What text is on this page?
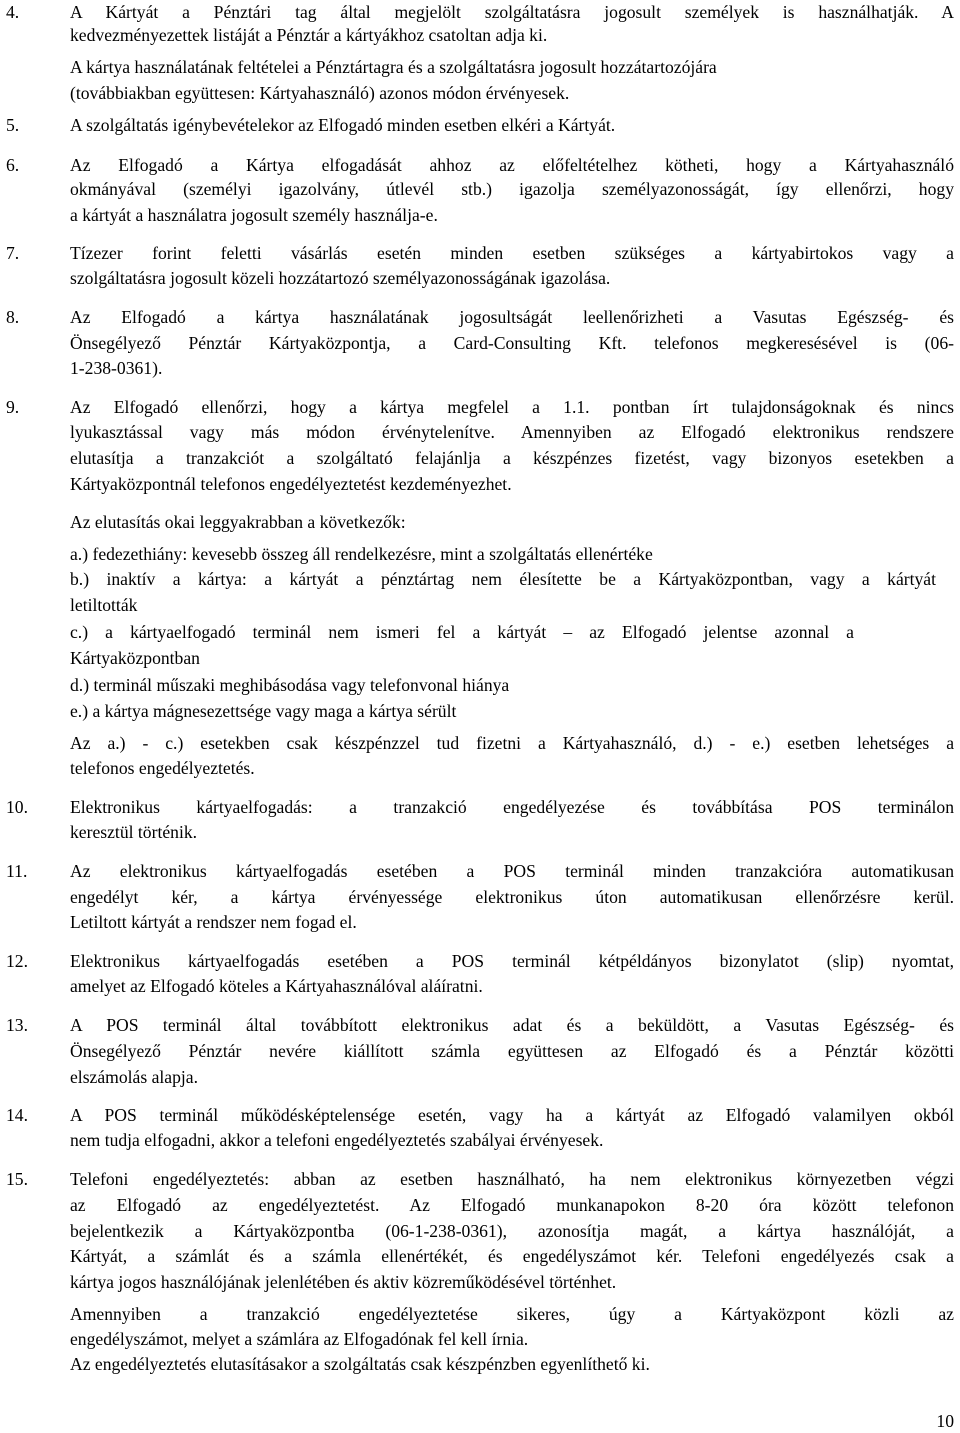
4.	A Kártyát a Pénztári tag által megjelölt szolgáltatásra jogosult személyek is használhatják. A
kedvezményezettek listáját a Pénztár a kártyákhoz csatoltan adja ki.
A kártya használatának feltételei a Pénztártagra és a szolgáltatásra jogosult hozzátartozójára
(továbbiakban együttesen: Kártyahasználó) azonos módon érvényesek.
5.	A szolgáltatás igénybevételekor az Elfogadó minden esetben elkéri a Kártyát.
6.	Az Elfogadó a Kártya elfogadását ahhoz az előfeltételhez kötheti, hogy a Kártyahasználó
okmányával (személyi igazolvány, útlevél stb.) igazolja személyazonosságát, így ellenőrzi, hogy
a kártyát a használatra jogosult személy használja-e.
7.	Tízezer forint feletti vásárlás esetén minden esetben szükséges a kártyabirtokos vagy a
szolgáltatásra jogosult közeli hozzátartozó személyazonosságának igazolása.
8.	Az Elfogadó a kártya használatának jogosultságát leellenőrizheti a Vasutas Egészség- és
Önsegélyező Pénztár Kártyaközpontja, a Card-Consulting Kft. telefonos megkeresésével is (06-
1-238-0361).
9.	Az Elfogadó ellenőrzi, hogy a kártya megfelel a 1.1. pontban írt tulajdonságoknak és nincs
lyukasztással vagy más módon érvénytelenítve. Amennyiben az Elfogadó elektronikus rendszere
elutasítja a tranzakciót a szolgáltató felajánlja a készpénzes fizetést, vagy bizonyos esetekben a
Kártyaközpontnál telefonos engedélyeztetést kezdeményezhet.
Az elutasítás okai leggyakrabban a következők:
a.) fedezethiány: kevesebb összeg áll rendelkezésre, mint a szolgáltatás ellenértéke
b.) inaktív a kártya: a kártyát a pénztártag nem élesítette be a Kártyaközpontban, vagy a kártyát
letiltották
c.) a kártyaelfogadó terminál nem ismeri fel a kártyát – az Elfogadó jelentse azonnal a
Kártyaközpontban
d.) terminál műszaki meghibásodása vagy telefonvonal hiánya
e.) a kártya mágnesezettsége vagy maga a kártya sérült
Az a.) - c.) esetekben csak készpénzzel tud fizetni a Kártyahasználó, d.) - e.) esetben lehetséges a
telefonos engedélyeztetés.
10. Elektronikus kártyaelfogadás: a tranzakció engedélyezése és továbbítása POS terminálon
keresztül történik.
11. Az elektronikus kártyaelfogadás esetében a POS terminál minden tranzakcióra automatikusan
engedélyt kér, a kártya érvényessége elektronikus úton automatikusan ellenőrzésre kerül.
Letiltott kártyát a rendszer nem fogad el.
12. Elektronikus kártyaelfogadás esetében a POS terminál kétpéldányos bizonylatot (slip) nyomtat,
amelyet az Elfogadó köteles a Kártyahasználóval aláíratni.
13. A POS terminál által továbbított elektronikus adat és a beküldött, a Vasutas Egészség- és
Önsegélyező Pénztár nevére kiállított számla együttesen az Elfogadó és a Pénztár közötti
elszámolás alapja.
14. A POS terminál működésképtelensége esetén, vagy ha a kártyát az Elfogadó valamilyen okból
nem tudja elfogadni, akkor a telefoni engedélyeztetés szabályai érvényesek.
15. Telefoni engedélyeztetés: abban az esetben használható, ha nem elektronikus környezetben végzi
az Elfogadó az engedélyeztetést. Az Elfogadó munkanapokon 8-20 óra között telefonon
bejelentkezik a Kártyaközpontba (06-1-238-0361), azonosítja magát, a kártya használóját, a
Kártyát, a számlát és a számla ellenértékét, és engedélyszámot kér. Telefoni engedélyezés csak a
kártya jogos használójának jelenlétében és aktiv közreműködésével történhet.
Amennyiben a tranzakció engedélyeztetése sikeres, úgy a Kártyaközpont közli az
engedélyszámot, melyet a számlára az Elfogadónak fel kell írnia.
Az engedélyeztetés elutasításakor a szolgáltatás csak készpénzben egyenlíthető ki.
10
